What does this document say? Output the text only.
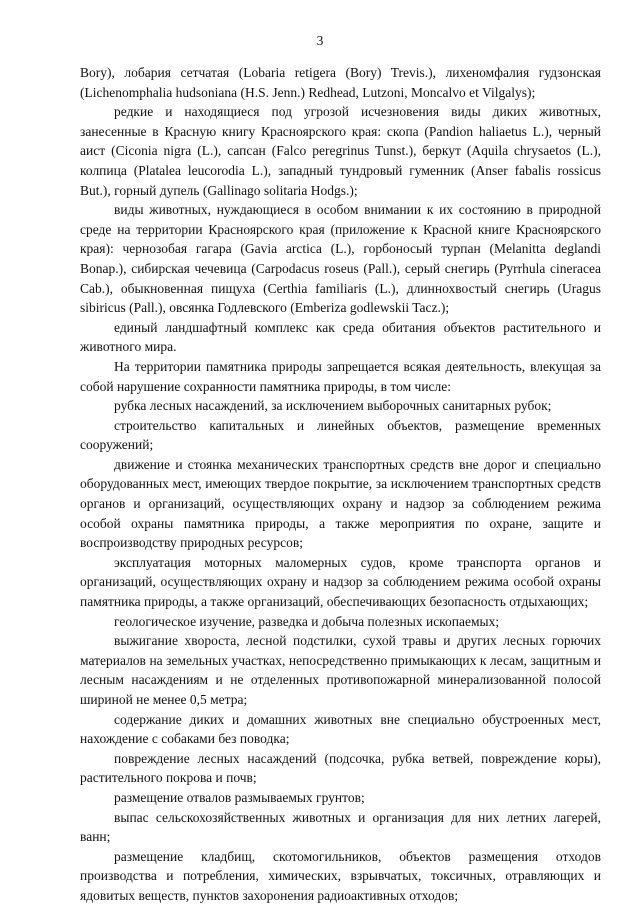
3

Bory), лобария сетчатая (Lobaria retigera (Bory) Trevis.), лихеномфалия гудзонская (Lichenomphalia hudsoniana (H.S. Jenn.) Redhead, Lutzoni, Moncalvo et Vilgalys);

редкие и находящиеся под угрозой исчезновения виды диких животных, занесенные в Красную книгу Красноярского края: скопа (Pandion haliaetus L.), черный аист (Ciconia nigra (L.), сапсан (Falco peregrinus Tunst.), беркут (Aquila chrysaetos (L.), колпица (Platalea leucorodia L.), западный тундровый гуменник (Anser fabalis rossicus But.), горный дупель (Gallinago solitaria Hodgs.);

виды животных, нуждающиеся в особом внимании к их состоянию в природной среде на территории Красноярского края (приложение к Красной книге Красноярского края): чернозобая гагара (Gavia arctica (L.), горбоносый турпан (Melanitta deglandi Bonap.), сибирская чечевица (Carpodacus roseus (Pall.), серый снегирь (Pyrrhula cineracea Cab.), обыкновенная пищуха (Certhia familiaris (L.), длиннохвостый снегирь (Uragus sibiricus (Pall.), овсянка Годлевского (Emberiza godlewskii Tacz.);

единый ландшафтный комплекс как среда обитания объектов растительного и животного мира.

На территории памятника природы запрещается всякая деятельность, влекущая за собой нарушение сохранности памятника природы, в том числе:

рубка лесных насаждений, за исключением выборочных санитарных рубок;

строительство капитальных и линейных объектов, размещение временных сооружений;

движение и стоянка механических транспортных средств вне дорог и специально оборудованных мест, имеющих твердое покрытие, за исключением транспортных средств органов и организаций, осуществляющих охрану и надзор за соблюдением режима особой охраны памятника природы, а также мероприятия по охране, защите и воспроизводству природных ресурсов;

эксплуатация моторных маломерных судов, кроме транспорта органов и организаций, осуществляющих охрану и надзор за соблюдением режима особой охраны памятника природы, а также организаций, обеспечивающих безопасность отдыхающих;

геологическое изучение, разведка и добыча полезных ископаемых;

выжигание хвороста, лесной подстилки, сухой травы и других лесных горючих материалов на земельных участках, непосредственно примыкающих к лесам, защитным и лесным насаждениям и не отделенных противопожарной минерализованной полосой шириной не менее 0,5 метра;

содержание диких и домашних животных вне специально обустроенных мест, нахождение с собаками без поводка;

повреждение лесных насаждений (подсочка, рубка ветвей, повреждение коры), растительного покрова и почв;

размещение отвалов размываемых грунтов;

выпас сельскохозяйственных животных и организация для них летних лагерей, ванн;

размещение кладбищ, скотомогильников, объектов размещения отходов производства и потребления, химических, взрывчатых, токсичных, отравляющих и ядовитых веществ, пунктов захоронения радиоактивных отходов;
